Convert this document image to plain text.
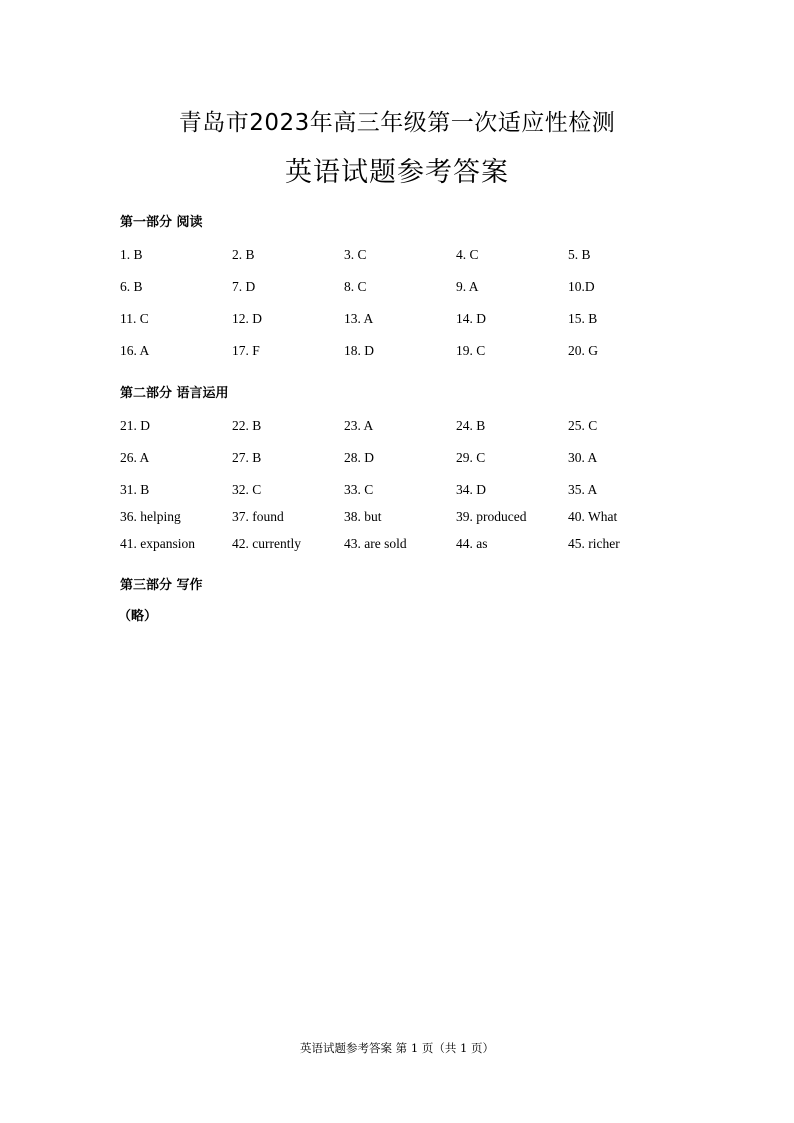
青岛市2023年高三年级第一次适应性检测
英语试题参考答案
第一部分 阅读
1. B	2. B	3. C	4. C	5. B
6. B	7. D	8. C	9. A	10.D
11. C	12. D	13. A	14. D	15. B
16. A	17. F	18. D	19. C	20. G
第二部分 语言运用
21. D	22. B	23. A	24. B	25. C
26. A	27. B	28. D	29. C	30. A
31. B	32. C	33. C	34. D	35. A
36. helping	37. found	38. but	39. produced	40. What
41. expansion	42. currently	43. are sold	44. as	45. richer
第三部分 写作
（略）
英语试题参考答案 第 1 页（共 1 页）
